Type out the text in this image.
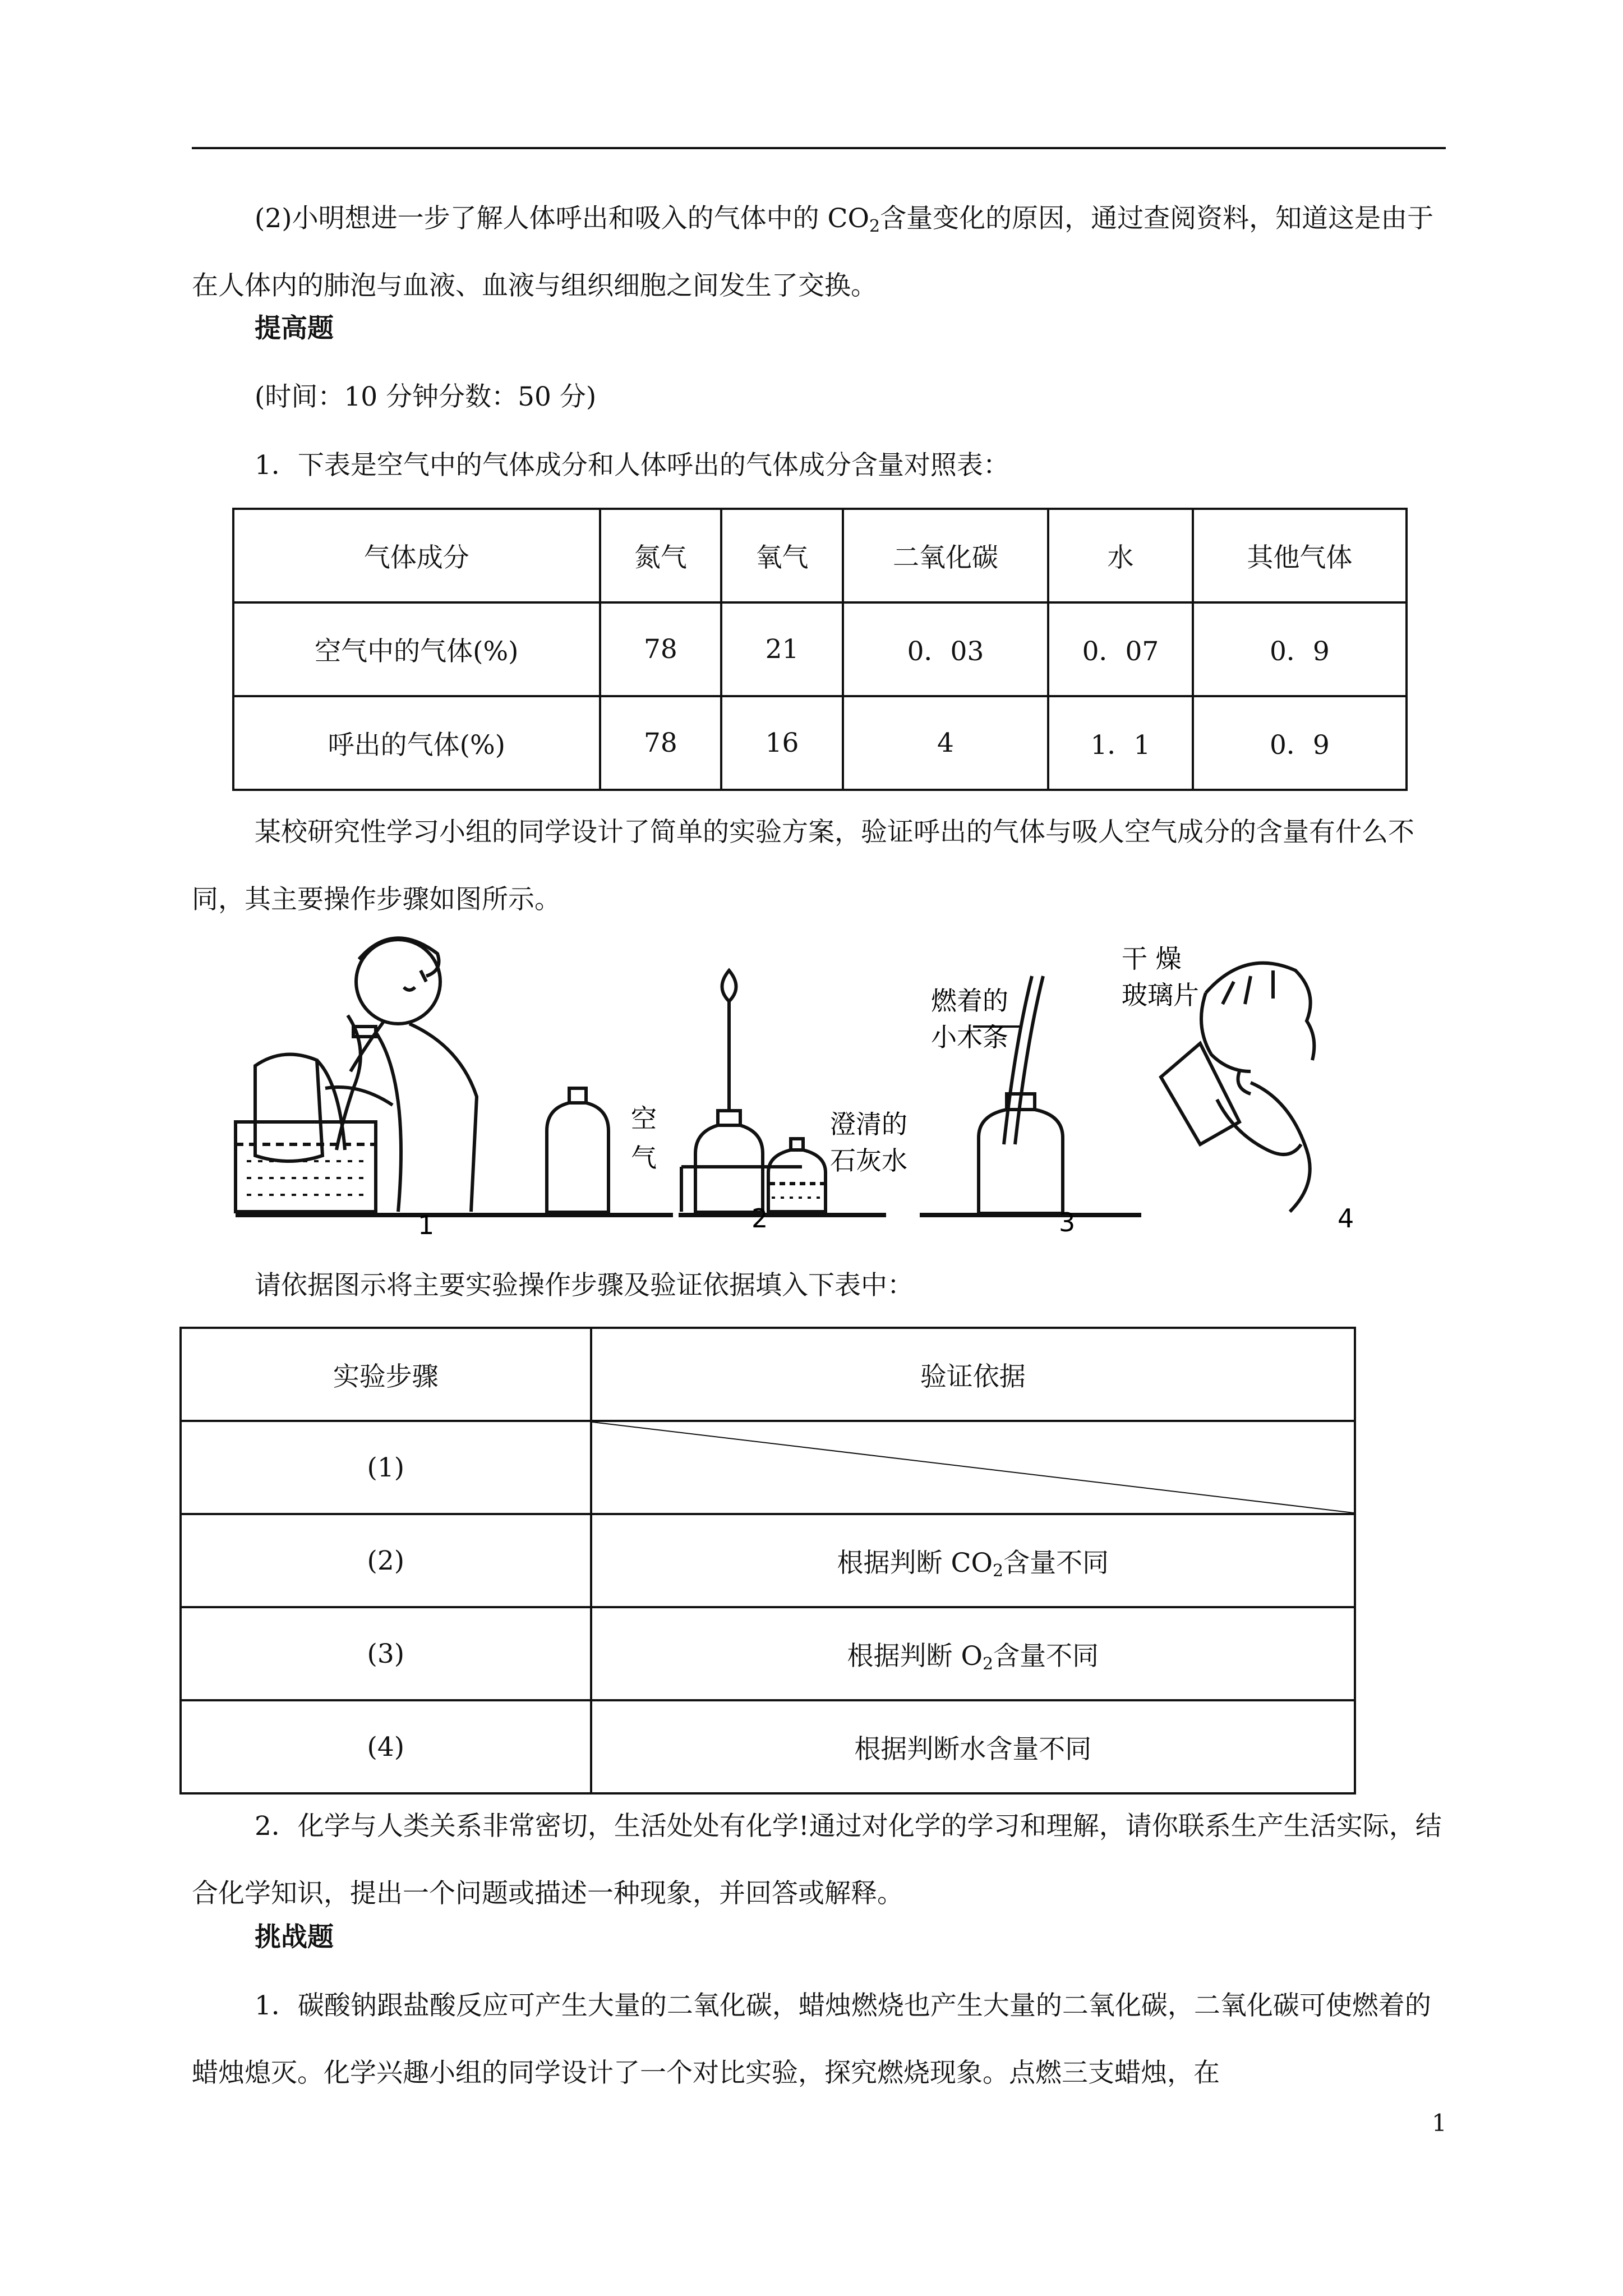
(2)小明想进一步了解人体呼出和吸入的气体中的 $CO_2$含量变化的原因，通过查阅资料，知道这是由于在人体内的肺泡与血液、血液与组织细胞之间发生了交换。

提高题

(时间：10 分钟分数：50 分)

1．下表是空气中的气体成分和人体呼出的气体成分含量对照表：

气体成分	氮气	氧气	二氧化碳	水	其他气体
空气中的气体(%)	78	21	0．03	0．07	0．9
呼出的气体(%)	78	16	4	1．1	0．9

某校研究性学习小组的同学设计了简单的实验方案，验证呼出的气体与吸人空气成分的含量有什么不同，其主要操作步骤如图所示。

空
气
澄清的
石灰水
燃着的
小木条
干 燥
玻璃片
1	2	3	4

请依据图示将主要实验操作步骤及验证依据填入下表中：

实验步骤	验证依据
(1)	

(2)	根据判断 $CO_2$含量不同
(3)	根据判断 $O_2$含量不同
(4)	根据判断水含量不同

2．化学与人类关系非常密切，生活处处有化学!通过对化学的学习和理解，请你联系生产生活实际，结合化学知识，提出一个问题或描述一种现象，并回答或解释。

挑战题

1．碳酸钠跟盐酸反应可产生大量的二氧化碳，蜡烛燃烧也产生大量的二氧化碳，二氧化碳可使燃着的蜡烛熄灭。化学兴趣小组的同学设计了一个对比实验，探究燃烧现象。点燃三支蜡烛，在

1
